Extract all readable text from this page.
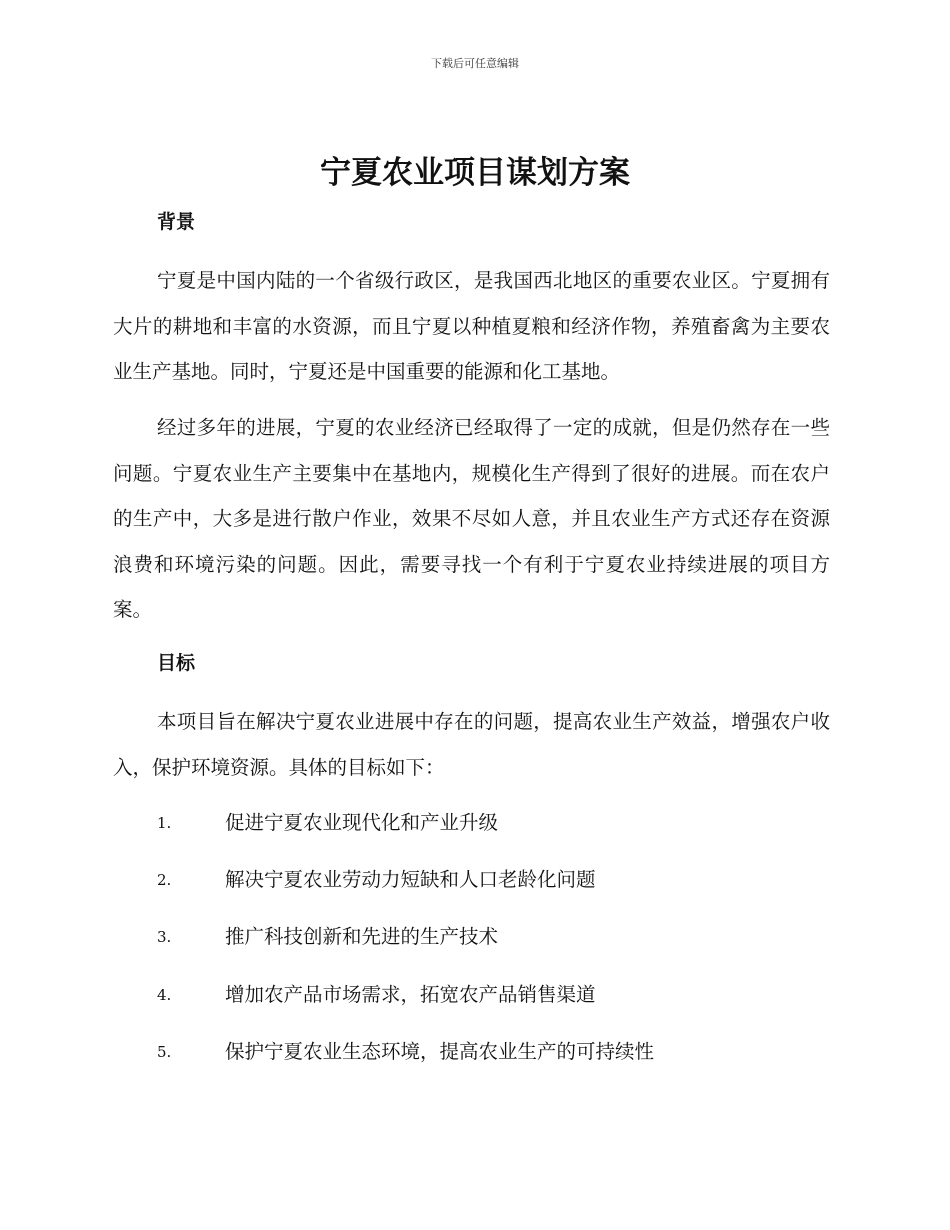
下载后可任意编辑
宁夏农业项目谋划方案
背景

宁夏是中国内陆的一个省级行政区，是我国西北地区的重要农业区。宁夏拥有大片的耕地和丰富的水资源，而且宁夏以种植夏粮和经济作物，养殖畜禽为主要农业生产基地。同时，宁夏还是中国重要的能源和化工基地。

经过多年的进展，宁夏的农业经济已经取得了一定的成就，但是仍然存在一些问题。宁夏农业生产主要集中在基地内，规模化生产得到了很好的进展。而在农户的生产中，大多是进行散户作业，效果不尽如人意，并且农业生产方式还存在资源浪费和环境污染的问题。因此，需要寻找一个有利于宁夏农业持续进展的项目方案。

目标

本项目旨在解决宁夏农业进展中存在的问题，提高农业生产效益，增强农户收入，保护环境资源。具体的目标如下：

1.	促进宁夏农业现代化和产业升级
2.	解决宁夏农业劳动力短缺和人口老龄化问题
3.	推广科技创新和先进的生产技术
4.	增加农产品市场需求，拓宽农产品销售渠道
5.	保护宁夏农业生态环境，提高农业生产的可持续性
